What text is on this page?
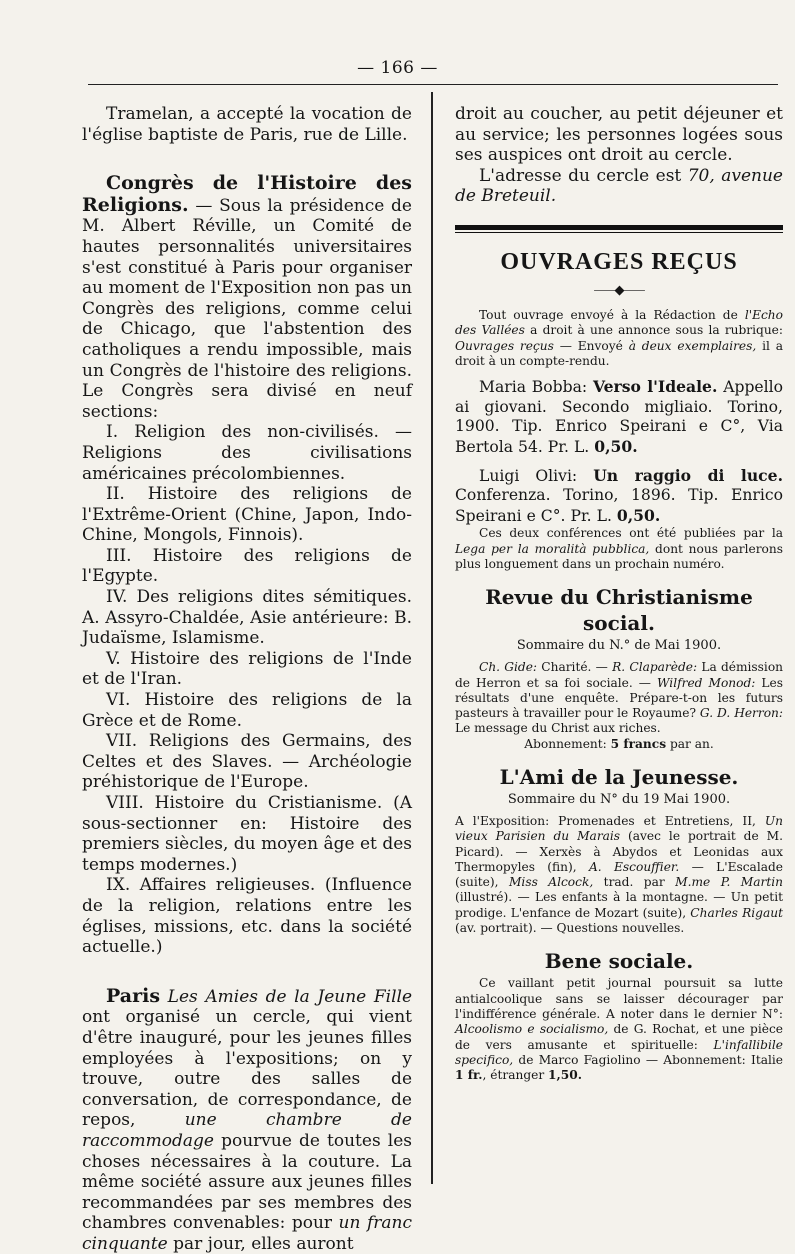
— 166 —

Tramelan, a accepté la vocation de l'église baptiste de Paris, rue de Lille.

Congrès de l'Histoire des Religions. — Sous la présidence de M. Albert Réville, un Comité de hautes personnalités universitaires s'est constitué à Paris pour organiser au moment de l'Exposition non pas un Congrès des religions, comme celui de Chicago, que l'abstention des catholiques a rendu impossible, mais un Congrès de l'histoire des religions. Le Congrès sera divisé en neuf sections:

I. Religion des non-civilisés. — Religions des civilisations américaines précolombiennes.

II. Histoire des religions de l'Extrême-Orient (Chine, Japon, Indo-Chine, Mongols, Finnois).

III. Histoire des religions de l'Egypte.

IV. Des religions dites sémitiques. A. Assyro-Chaldée, Asie antérieure: B. Judaïsme, Islamisme.

V. Histoire des religions de l'Inde et de l'Iran.

VI. Histoire des religions de la Grèce et de Rome.

VII. Religions des Germains, des Celtes et des Slaves. — Archéologie préhistorique de l'Europe.

VIII. Histoire du Cristianisme. (A sous-sectionner en: Histoire des premiers siècles, du moyen âge et des temps modernes.)

IX. Affaires religieuses. (Influence de la religion, relations entre les églises, missions, etc. dans la société actuelle.)

Paris Les Amies de la Jeune Fille ont organisé un cercle, qui vient d'être inauguré, pour les jeunes filles employées à l'expositions; on y trouve, outre des salles de conversation, de correspondance, de repos, une chambre de raccommodage pourvue de toutes les choses nécessaires à la couture. La même société assure aux jeunes filles recommandées par ses membres des chambres convenables: pour un franc cinquante par jour, elles auront

droit au coucher, au petit déjeuner et au service; les personnes logées sous ses auspices ont droit au cercle.

L'adresse du cercle est 70, avenue de Breteuil.

OUVRAGES REÇUS
⸺◆⸺

Tout ouvrage envoyé à la Rédaction de l'Echo des Vallées a droit à une annonce sous la rubrique: Ouvrages reçus — Envoyé à deux exemplaires, il a droit à un compte-rendu.

Maria Bobba: Verso l'Ideale. Appello ai giovani. Secondo migliaio. Torino, 1900. Tip. Enrico Speirani e C°, Via Bertola 54. Pr. L. 0,50.

Luigi Olivi: Un raggio di luce. Conferenza. Torino, 1896. Tip. Enrico Speirani e C°. Pr. L. 0,50.

Ces deux conférences ont été publiées par la Lega per la moralità pubblica, dont nous parlerons plus longuement dans un prochain numéro.

Revue du Christianisme social.
Sommaire du N.° de Mai 1900.

Ch. Gide: Charité. — R. Claparède: La démission de Herron et sa foi sociale. — Wilfred Monod: Les résultats d'une enquête. Prépare-t-on les futurs pasteurs à travailler pour le Royaume? G. D. Herron: Le message du Christ aux riches.

Abonnement: 5 francs par an.

L'Ami de la Jeunesse.
Sommaire du N° du 19 Mai 1900.

A l'Exposition: Promenades et Entretiens, II, Un vieux Parisien du Marais (avec le portrait de M. Picard). — Xerxès à Abydos et Leonidas aux Thermopyles (fin), A. Escouffier. — L'Escalade (suite), Miss Alcock, trad. par M.me P. Martin (illustré). — Les enfants à la montagne. — Un petit prodige. L'enfance de Mozart (suite), Charles Rigaut (av. portrait). — Questions nouvelles.

Bene sociale.

Ce vaillant petit journal poursuit sa lutte antialcoolique sans se laisser décourager par l'indifférence générale. A noter dans le dernier N°: Alcoolismo e socialismo, de G. Rochat, et une pièce de vers amusante et spirituelle: L'infallibile specifico, de Marco Fagiolino — Abonnement: Italie 1 fr., étranger 1,50.
